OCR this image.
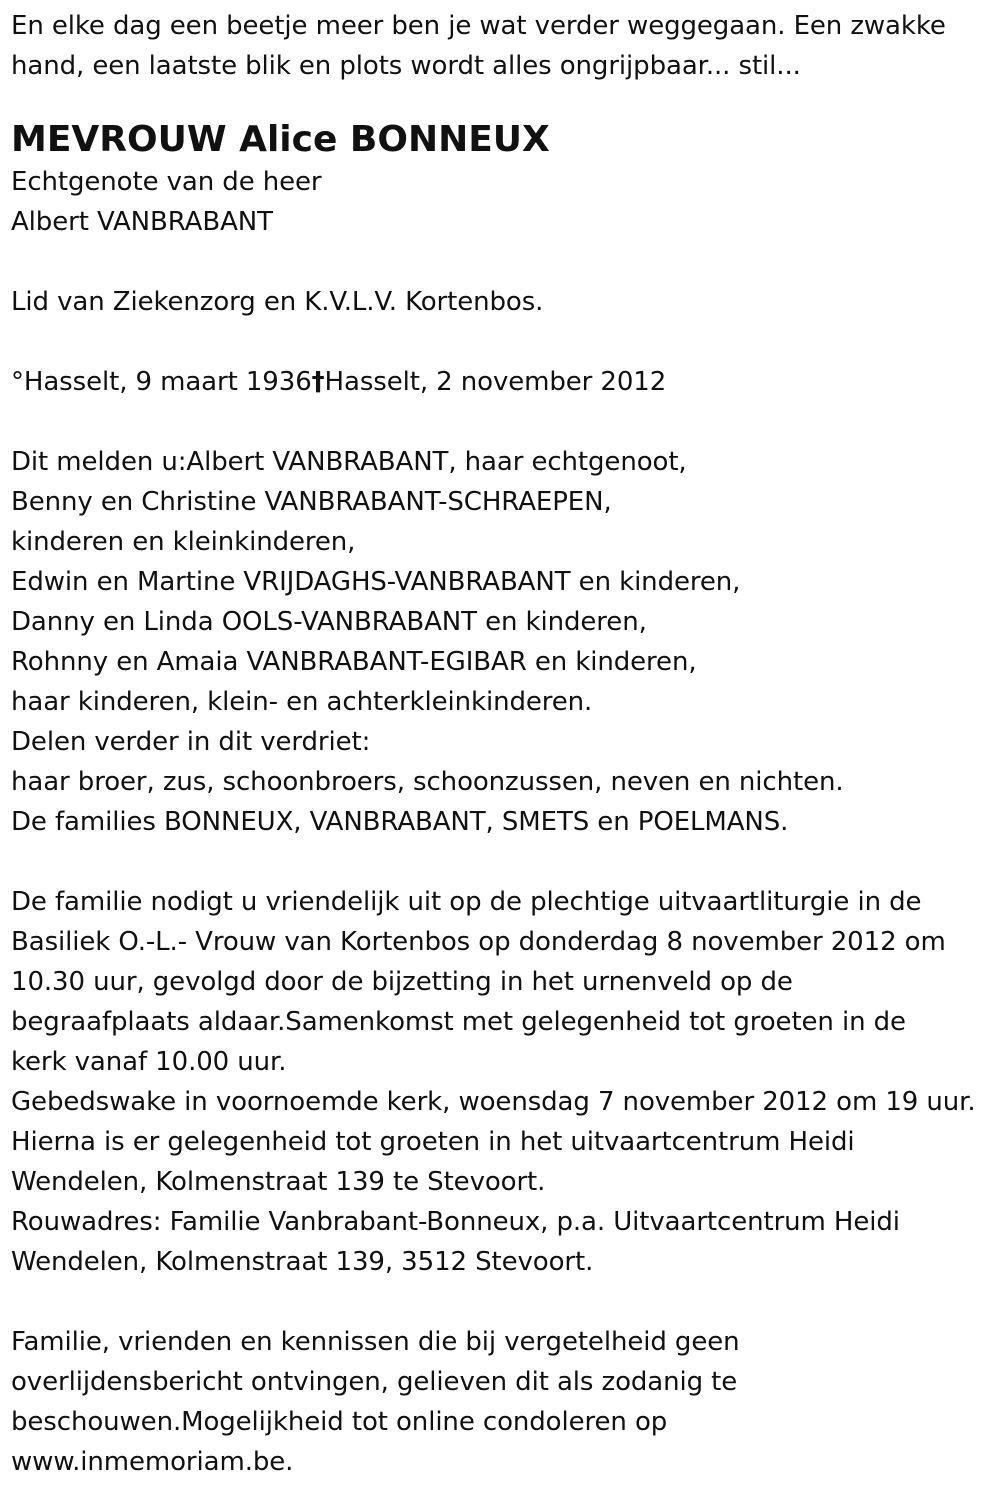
En elke dag een beetje meer ben je wat verder weggegaan. Een zwakke
hand, een laatste blik en plots wordt alles ongrijpbaar... stil...
MEVROUW Alice BONNEUX
Echtgenote van de heer
Albert VANBRABANT
Lid van Ziekenzorg en K.V.L.V. Kortenbos.
°Hasselt, 9 maart 1936†Hasselt, 2 november 2012
Dit melden u:Albert VANBRABANT, haar echtgenoot,
Benny en Christine VANBRABANT-SCHRAEPEN,
kinderen en kleinkinderen,
Edwin en Martine VRIJDAGHS-VANBRABANT en kinderen,
Danny en Linda OOLS-VANBRABANT en kinderen,
Rohnny en Amaia VANBRABANT-EGIBAR en kinderen,
haar kinderen, klein- en achterkleinkinderen.
Delen verder in dit verdriet:
haar broer, zus, schoonbroers, schoonzussen, neven en nichten.
De families BONNEUX, VANBRABANT, SMETS en POELMANS.
De familie nodigt u vriendelijk uit op de plechtige uitvaartliturgie in de
Basiliek O.-L.- Vrouw van Kortenbos op donderdag 8 november 2012 om
10.30 uur, gevolgd door de bijzetting in het urnenveld op de
begraafplaats aldaar.Samenkomst met gelegenheid tot groeten in de
kerk vanaf 10.00 uur.
Gebedswake in voornoemde kerk, woensdag 7 november 2012 om 19 uur.
Hierna is er gelegenheid tot groeten in het uitvaartcentrum Heidi
Wendelen, Kolmenstraat 139 te Stevoort.
Rouwadres: Familie Vanbrabant-Bonneux, p.a. Uitvaartcentrum Heidi
Wendelen, Kolmenstraat 139, 3512 Stevoort.
Familie, vrienden en kennissen die bij vergetelheid geen
overlijdensbericht ontvingen, gelieven dit als zodanig te
beschouwen.Mogelijkheid tot online condoleren op
www.inmemoriam.be.
